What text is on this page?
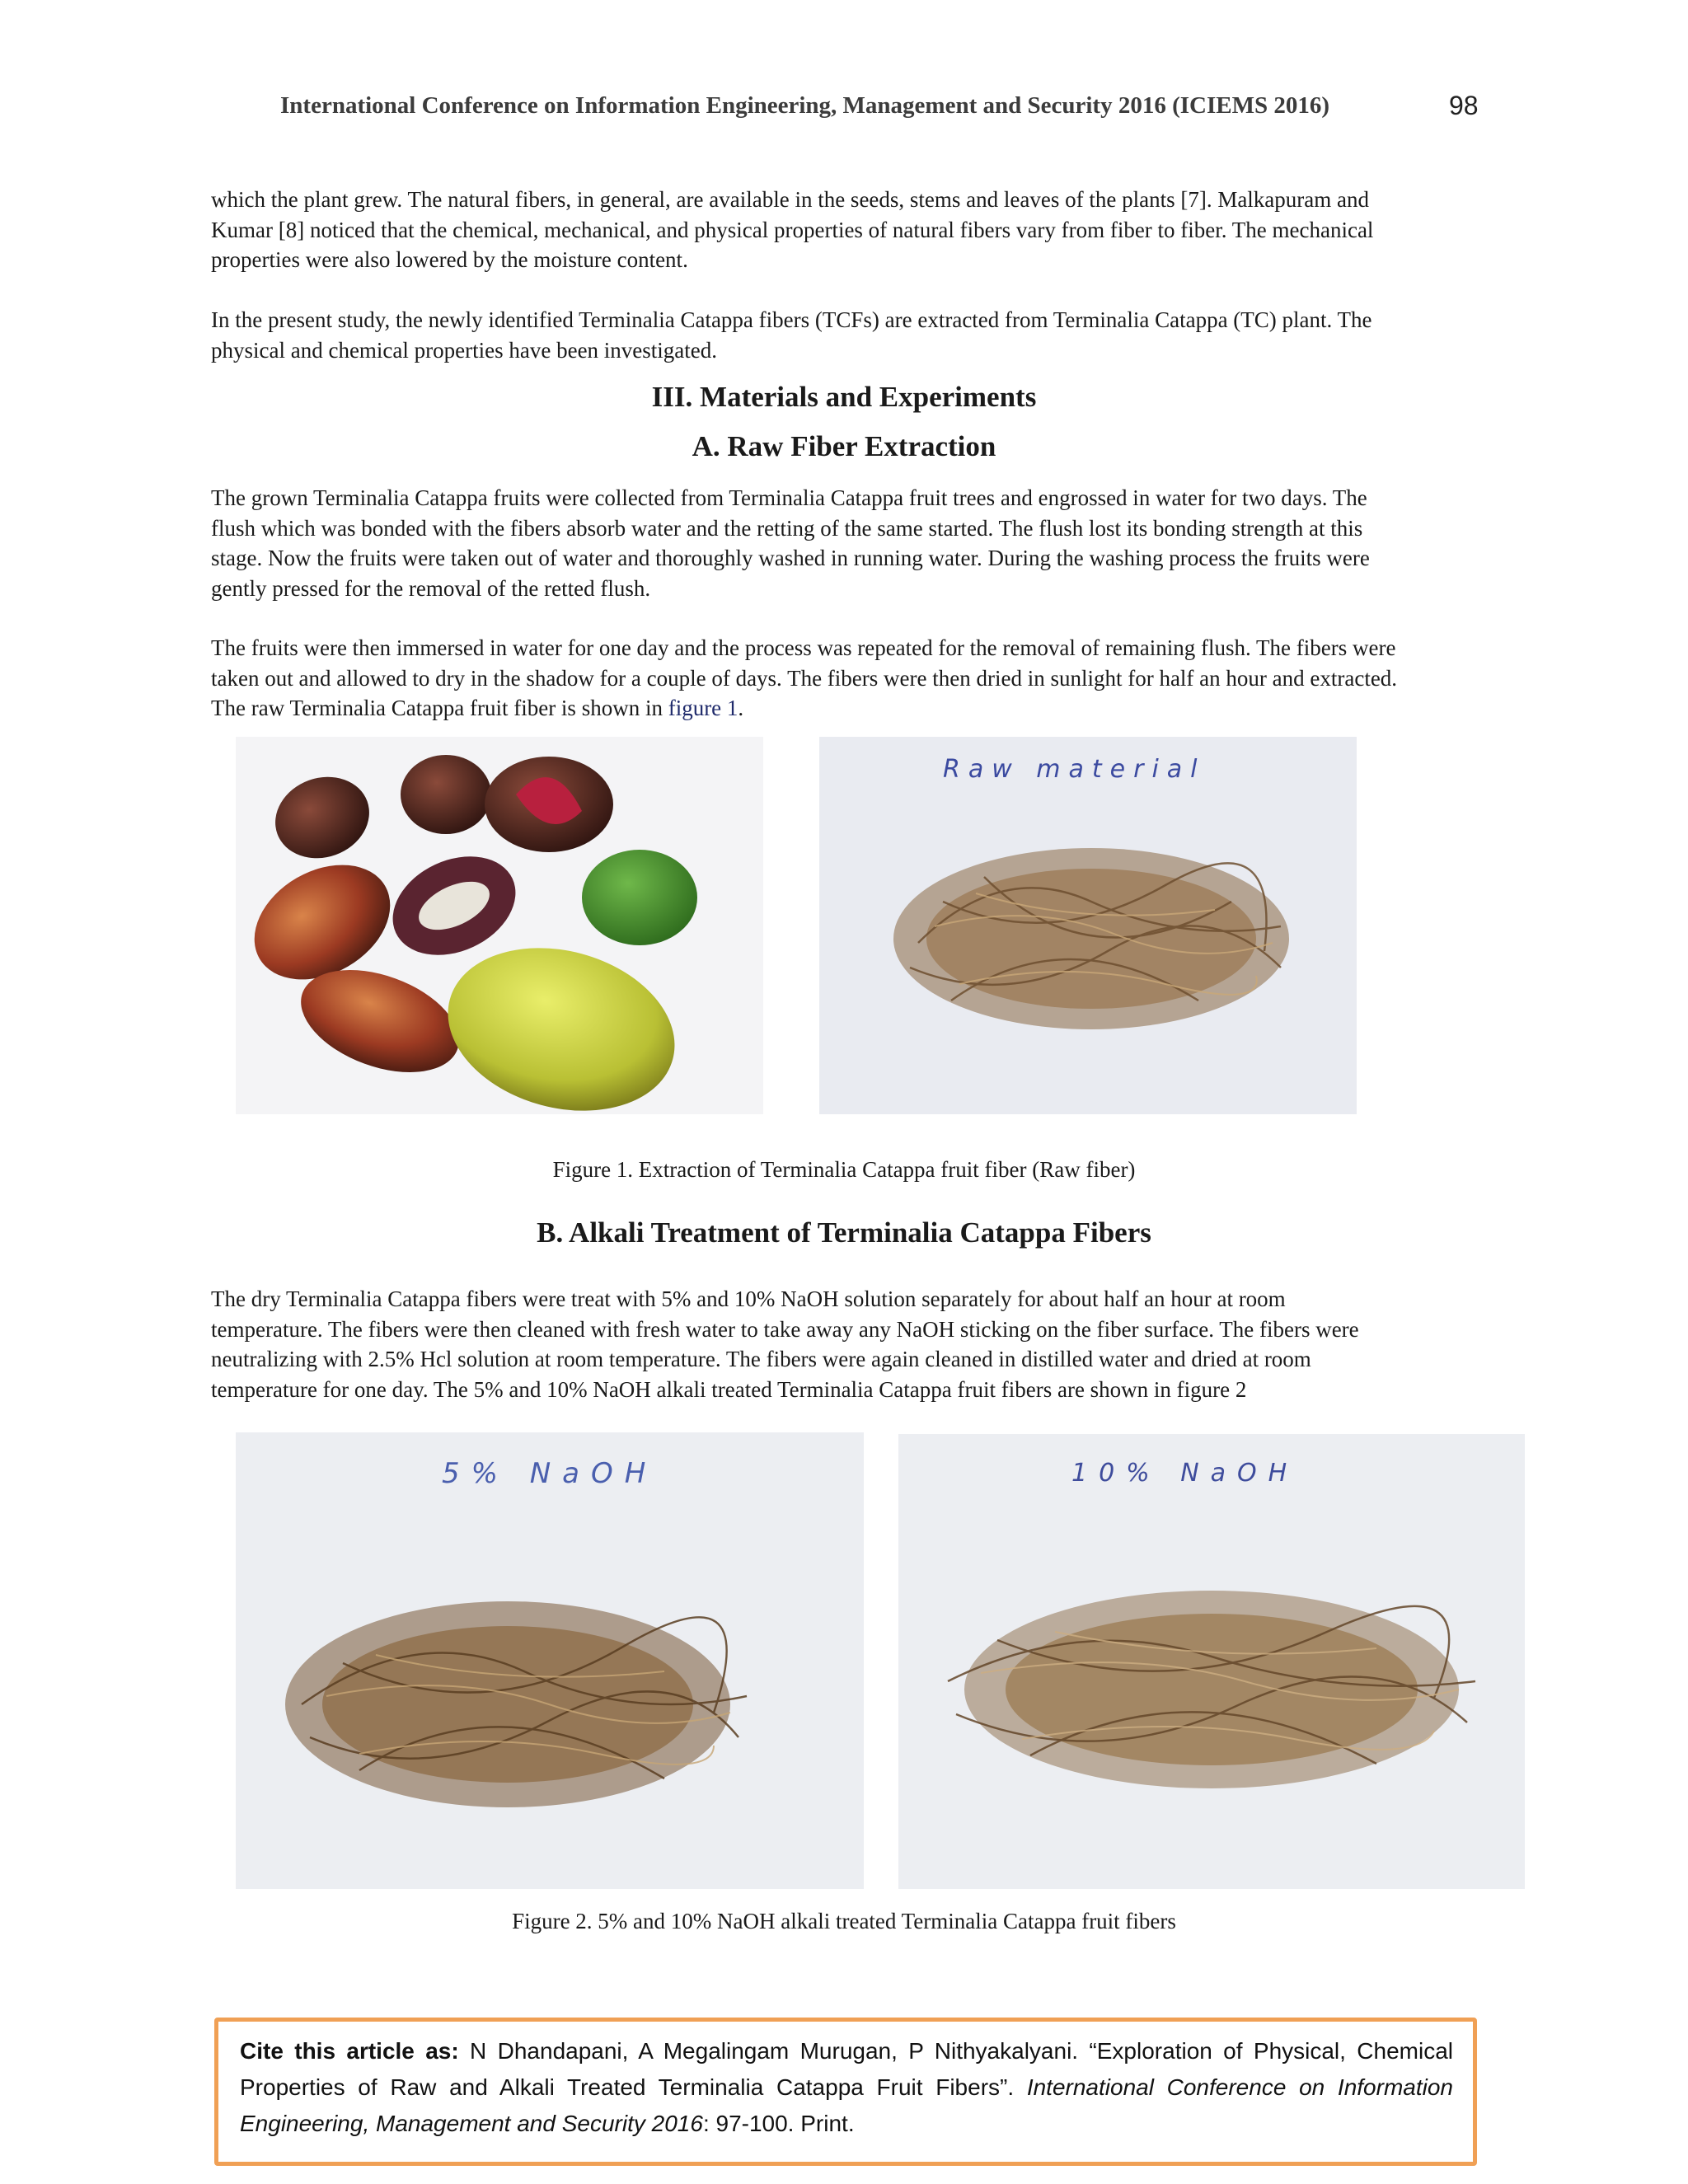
International Conference on Information Engineering, Management and Security 2016 (ICIEMS 2016)	98
which the plant grew. The natural fibers, in general, are available in the seeds, stems and leaves of the plants [7]. Malkapuram and
Kumar [8] noticed that the chemical, mechanical, and physical properties of natural fibers vary from fiber to fiber. The mechanical
properties were also lowered by the moisture content.
In the present study, the newly identified Terminalia Catappa fibers (TCFs) are extracted from Terminalia Catappa (TC) plant. The
physical and chemical properties have been investigated.
III. Materials and Experiments
A. Raw Fiber Extraction
The grown Terminalia Catappa fruits were collected from Terminalia Catappa fruit trees and engrossed in water for two days. The
flush which was bonded with the fibers absorb water and the retting of the same started. The flush lost its bonding strength at this
stage. Now the fruits were taken out of water and thoroughly washed in running water. During the washing process the fruits were
gently pressed for the removal of the retted flush.
The fruits were then immersed in water for one day and the process was repeated for the removal of remaining flush. The fibers were
taken out and allowed to dry in the shadow for a couple of days. The fibers were then dried in sunlight for half an hour and extracted.
The raw Terminalia Catappa fruit fiber is shown in figure 1.
Raw material
Figure 1. Extraction of Terminalia Catappa fruit fiber (Raw fiber)
B. Alkali Treatment of Terminalia Catappa Fibers
The dry Terminalia Catappa fibers were treat with 5% and 10% NaOH solution separately for about half an hour at room
temperature. The fibers were then cleaned with fresh water to take away any NaOH sticking on the fiber surface. The fibers were
neutralizing with 2.5% Hcl solution at room temperature. The fibers were again cleaned in distilled water and dried at room
temperature for one day. The 5% and 10% NaOH alkali treated Terminalia Catappa fruit fibers are shown in figure 2
5% NaOH	10% NaOH
Figure 2. 5% and 10% NaOH alkali treated Terminalia Catappa fruit fibers
Cite this article as: N Dhandapani, A Megalingam Murugan, P Nithyakalyani. “Exploration of Physical, Chemical Properties of Raw and Alkali Treated Terminalia Catappa Fruit Fibers”. International Conference on Information Engineering, Management and Security 2016: 97-100. Print.
